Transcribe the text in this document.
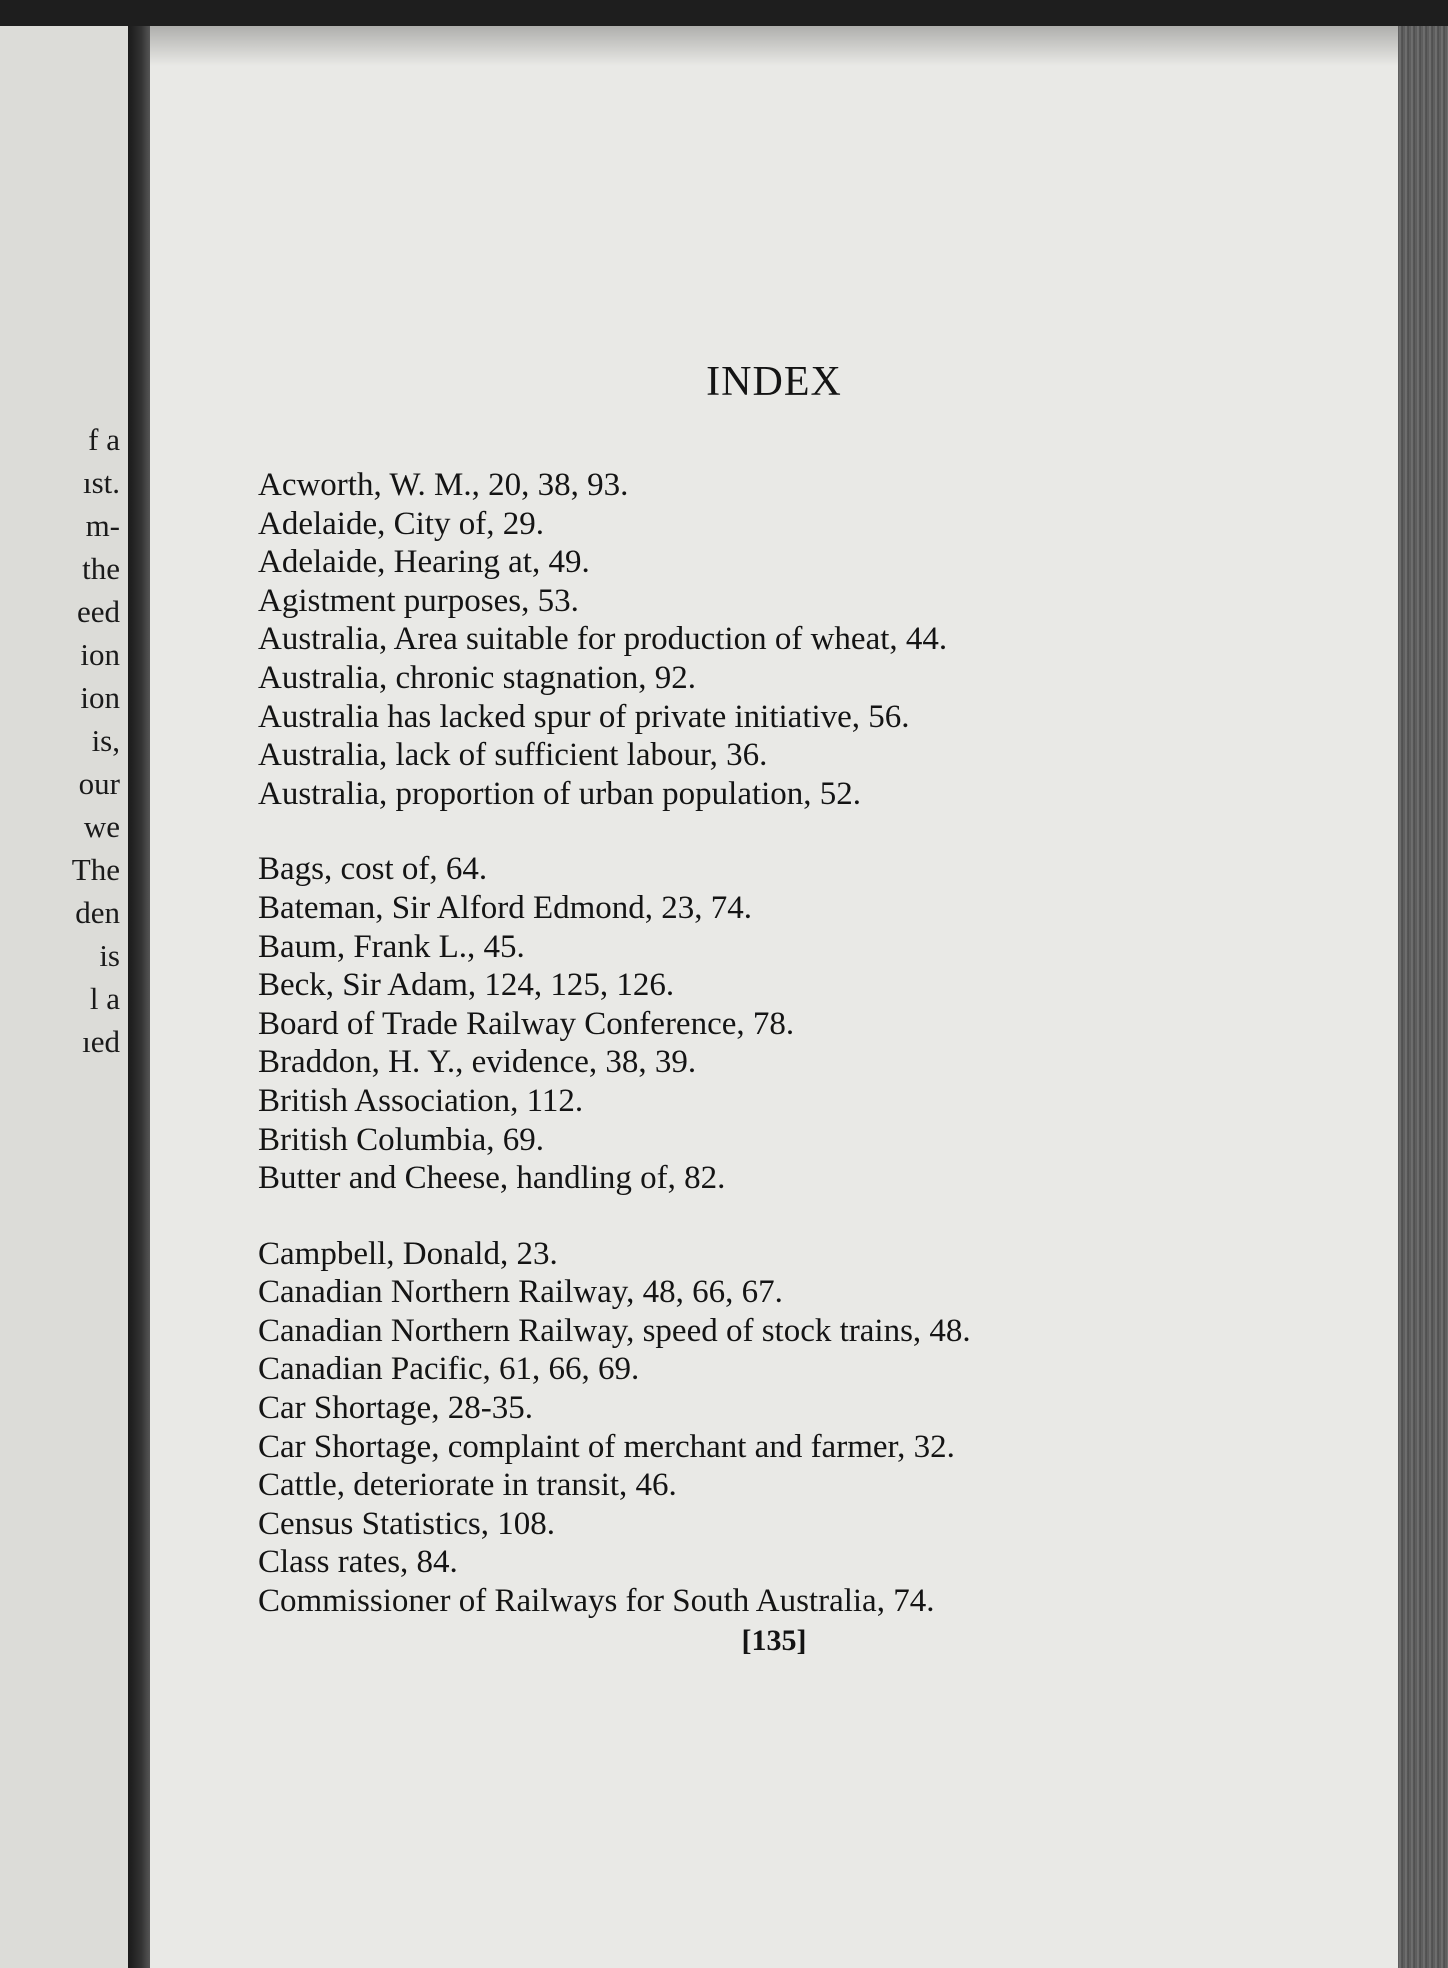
f a
ıst.
m-
the
eed
ion
ion
is,
our
we
The
den
is
l a
ıed
INDEX
Acworth, W. M., 20, 38, 93.
Adelaide, City of, 29.
Adelaide, Hearing at, 49.
Agistment purposes, 53.
Australia, Area suitable for production of wheat, 44.
Australia, chronic stagnation, 92.
Australia has lacked spur of private initiative, 56.
Australia, lack of sufficient labour, 36.
Australia, proportion of urban population, 52.
Bags, cost of, 64.
Bateman, Sir Alford Edmond, 23, 74.
Baum, Frank L., 45.
Beck, Sir Adam, 124, 125, 126.
Board of Trade Railway Conference, 78.
Braddon, H. Y., evidence, 38, 39.
British Association, 112.
British Columbia, 69.
Butter and Cheese, handling of, 82.
Campbell, Donald, 23.
Canadian Northern Railway, 48, 66, 67.
Canadian Northern Railway, speed of stock trains, 48.
Canadian Pacific, 61, 66, 69.
Car Shortage, 28-35.
Car Shortage, complaint of merchant and farmer, 32.
Cattle, deteriorate in transit, 46.
Census Statistics, 108.
Class rates, 84.
Commissioner of Railways for South Australia, 74.
[135]
